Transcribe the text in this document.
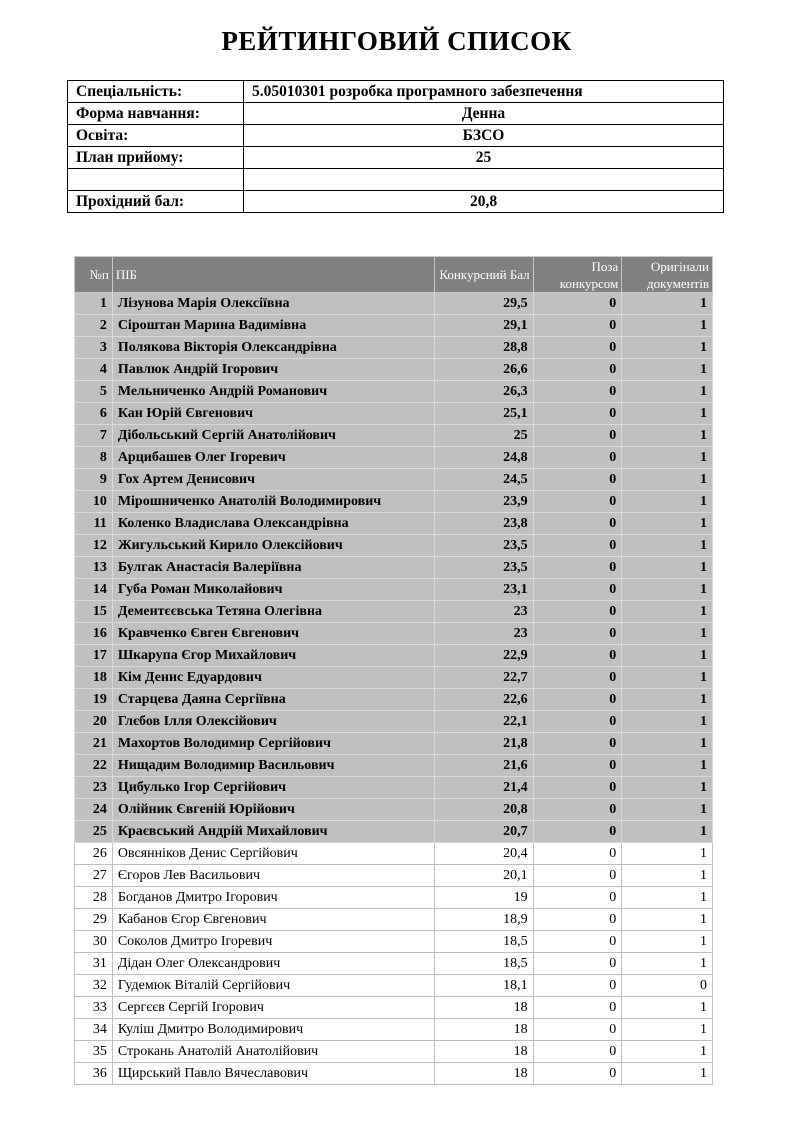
РЕЙТИНГОВИЙ СПИСОК
Спеціальність:	5.05010301 розробка програмного забезпечення
Форма навчання:	Денна
Освіта:	БЗСО
План прийому:	25

Прохідний бал:	20,8
№п	ПІБ	Конкурсний Бал	Поза конкурсом	Оригінали документів
1	Лізунова Марія Олексіївна	29,5	0	1
2	Сіроштан Марина Вадимівна	29,1	0	1
3	Полякова Вікторія Олександрівна	28,8	0	1
4	Павлюк Андрій Ігорович	26,6	0	1
5	Мельниченко Андрій Романович	26,3	0	1
6	Кан Юрій Євгенович	25,1	0	1
7	Дібольський Сергій Анатолійович	25	0	1
8	Арцибашев Олег Ігоревич	24,8	0	1
9	Гох Артем Денисович	24,5	0	1
10	Мірошниченко Анатолій Володимирович	23,9	0	1
11	Коленко Владислава Олександрівна	23,8	0	1
12	Жигульський Кирило Олексійович	23,5	0	1
13	Булгак Анастасія Валеріївна	23,5	0	1
14	Губа Роман Миколайович	23,1	0	1
15	Дементєєвська Тетяна Олегівна	23	0	1
16	Кравченко Євген Євгенович	23	0	1
17	Шкарупа Єгор Михайлович	22,9	0	1
18	Кім Денис Едуардович	22,7	0	1
19	Старцева Даяна Сергіївна	22,6	0	1
20	Глєбов Ілля Олексійович	22,1	0	1
21	Махортов Володимир Сергійович	21,8	0	1
22	Нищадим Володимир Васильович	21,6	0	1
23	Цибулько Ігор Сергійович	21,4	0	1
24	Олійник Євгеній Юрійович	20,8	0	1
25	Краєвський Андрій Михайлович	20,7	0	1
26	Овсянніков Денис Сергійович	20,4	0	1
27	Єгоров Лев Васильович	20,1	0	1
28	Богданов Дмитро Ігорович	19	0	1
29	Кабанов Єгор Євгенович	18,9	0	1
30	Соколов Дмитро Ігоревич	18,5	0	1
31	Дідан Олег Олександрович	18,5	0	1
32	Гудемюк Віталій Сергійович	18,1	0	0
33	Сергєєв Сергій Ігорович	18	0	1
34	Куліш Дмитро Володимирович	18	0	1
35	Строкань Анатолій Анатолійович	18	0	1
36	Щирський Павло Вячеславович	18	0	1
